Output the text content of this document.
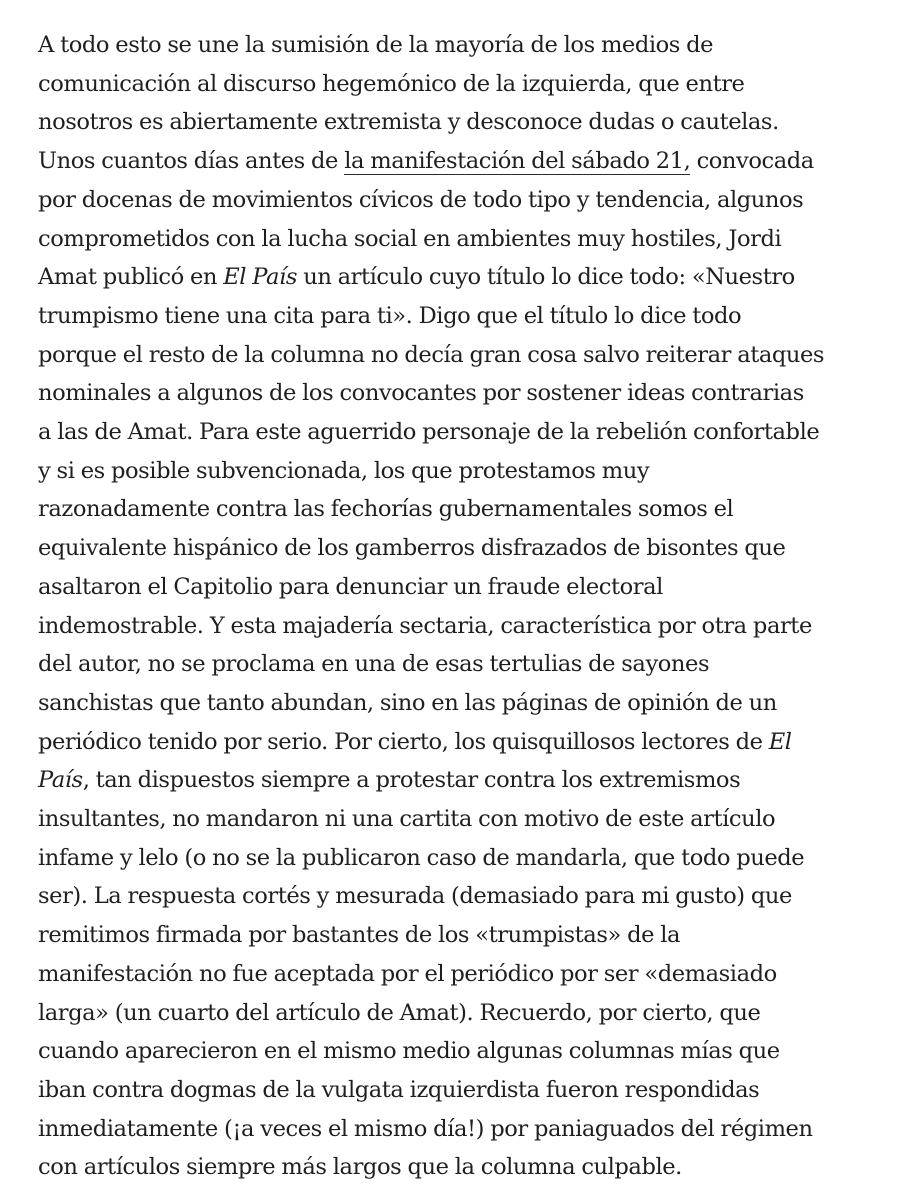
A todo esto se une la sumisión de la mayoría de los medios de
comunicación al discurso hegemónico de la izquierda, que entre
nosotros es abiertamente extremista y desconoce dudas o cautelas.
Unos cuantos días antes de la manifestación del sábado 21, convocada
por docenas de movimientos cívicos de todo tipo y tendencia, algunos
comprometidos con la lucha social en ambientes muy hostiles, Jordi
Amat publicó en El País un artículo cuyo título lo dice todo: «Nuestro
trumpismo tiene una cita para ti». Digo que el título lo dice todo
porque el resto de la columna no decía gran cosa salvo reiterar ataques
nominales a algunos de los convocantes por sostener ideas contrarias
a las de Amat. Para este aguerrido personaje de la rebelión confortable
y si es posible subvencionada, los que protestamos muy
razonadamente contra las fechorías gubernamentales somos el
equivalente hispánico de los gamberros disfrazados de bisontes que
asaltaron el Capitolio para denunciar un fraude electoral
indemostrable. Y esta majadería sectaria, característica por otra parte
del autor, no se proclama en una de esas tertulias de sayones
sanchistas que tanto abundan, sino en las páginas de opinión de un
periódico tenido por serio. Por cierto, los quisquillosos lectores de El
País, tan dispuestos siempre a protestar contra los extremismos
insultantes, no mandaron ni una cartita con motivo de este artículo
infame y lelo (o no se la publicaron caso de mandarla, que todo puede
ser). La respuesta cortés y mesurada (demasiado para mi gusto) que
remitimos firmada por bastantes de los «trumpistas» de la
manifestación no fue aceptada por el periódico por ser «demasiado
larga» (un cuarto del artículo de Amat). Recuerdo, por cierto, que
cuando aparecieron en el mismo medio algunas columnas mías que
iban contra dogmas de la vulgata izquierdista fueron respondidas
inmediatamente (¡a veces el mismo día!) por paniaguados del régimen
con artículos siempre más largos que la columna culpable.
